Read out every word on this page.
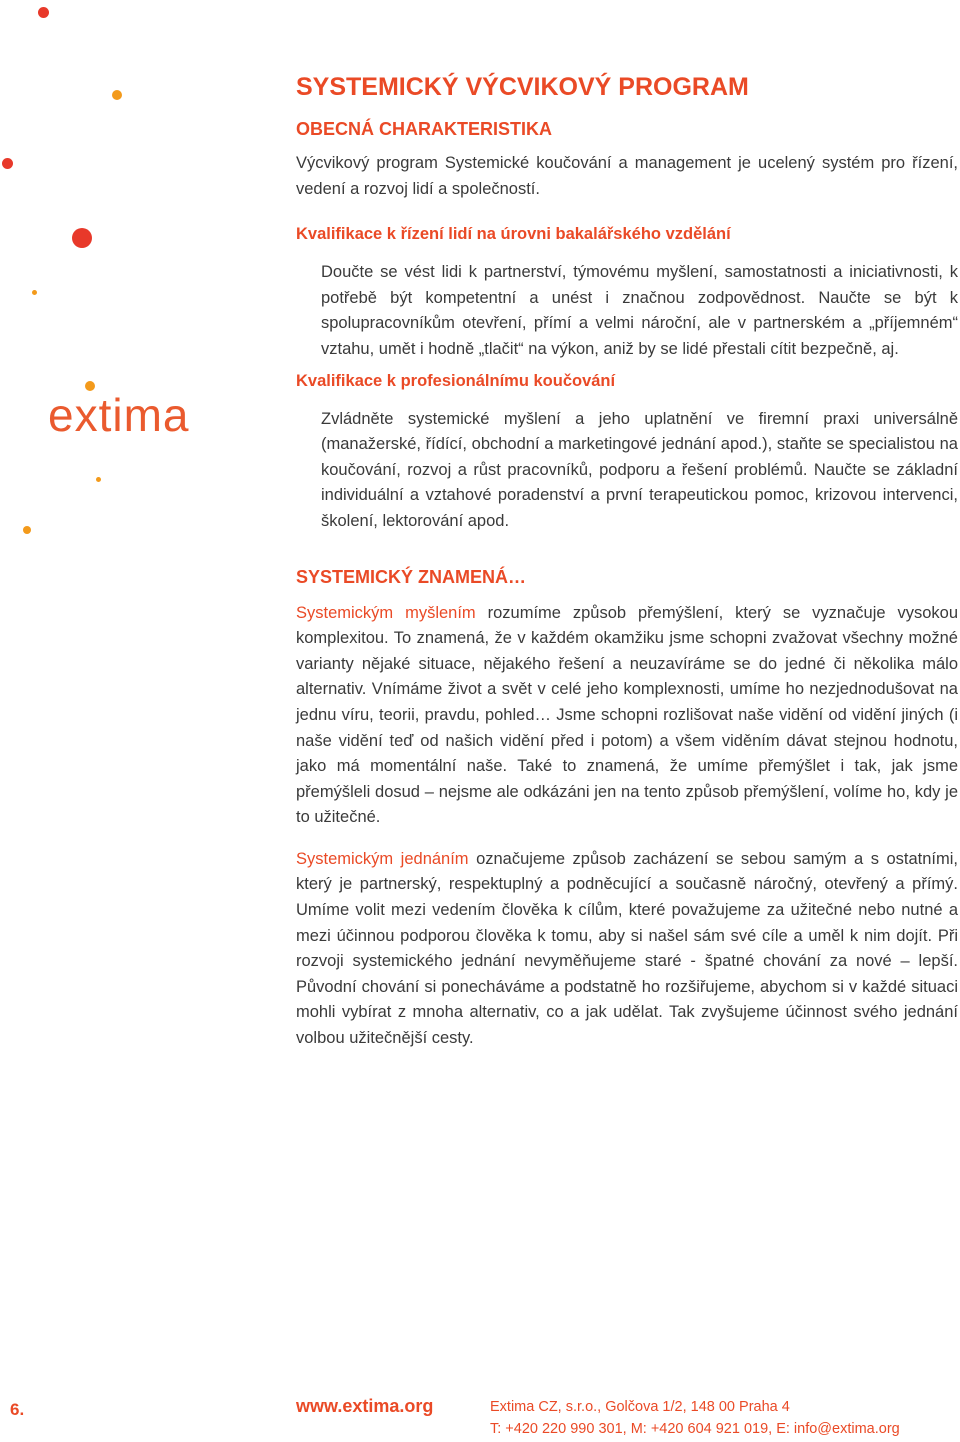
extima
SYSTEMICKÝ VÝCVIKOVÝ PROGRAM
OBECNÁ CHARAKTERISTIKA

Výcvikový program Systemické koučování a management je ucelený systém pro řízení, vedení a rozvoj lidí a společností.

Kvalifikace k řízení lidí na úrovni bakalářského vzdělání

Doučte se vést lidi k partnerství, týmovému myšlení, samostatnosti a iniciativnosti, k potřebě být kompetentní a unést i značnou zodpovědnost. Naučte se být k spolupracovníkům otevření, přímí a velmi nároční, ale v partnerském a „příjemném“ vztahu, umět i hodně „tlačit“ na výkon, aniž by se lidé přestali cítit bezpečně, aj.

Kvalifikace k profesionálnímu koučování

Zvládněte systemické myšlení a jeho uplatnění ve firemní praxi universálně (manažerské, řídící, obchodní a marketingové jednání apod.), staňte se specialistou na koučování, rozvoj a růst pracovníků, podporu a řešení problémů. Naučte se základní individuální a vztahové poradenství a první terapeutickou pomoc, krizovou intervenci, školení, lektorování apod.

SYSTEMICKÝ ZNAMENÁ…

Systemickým myšlením rozumíme způsob přemýšlení, který se vyznačuje vysokou komplexitou. To znamená, že v každém okamžiku jsme schopni zvažovat všechny možné varianty nějaké situace, nějakého řešení a neuzavíráme se do jedné či několika málo alternativ. Vnímáme život a svět v celé jeho komplexnosti, umíme ho nezjednodušovat na jednu víru, teorii, pravdu, pohled… Jsme schopni rozlišovat naše vidění od vidění jiných (i naše vidění teď od našich vidění před i potom) a všem viděním dávat stejnou hodnotu, jako má momentální naše. Také to znamená, že umíme přemýšlet i tak, jak jsme přemýšleli dosud – nejsme ale odkázáni jen na tento způsob přemýšlení, volíme ho, kdy je to užitečné.

Systemickým jednáním označujeme způsob zacházení se sebou samým a s ostatními, který je partnerský, respektuplný a podněcující a současně náročný, otevřený a přímý. Umíme volit mezi vedením člověka k cílům, které považujeme za užitečné nebo nutné a mezi účinnou podporou člověka k tomu, aby si našel sám své cíle a uměl k nim dojít. Při rozvoji systemického jednání nevyměňujeme staré - špatné chování za nové – lepší. Původní chování si ponecháváme a podstatně ho rozšiřujeme, abychom si v každé situaci mohli vybírat z mnoha alternativ, co a jak udělat. Tak zvyšujeme účinnost svého jednání volbou užitečnější cesty.

6.	www.extima.org	Extima CZ, s.r.o., Golčova 1/2, 148 00 Praha 4
T: +420 220 990 301, M: +420 604 921 019, E: info@extima.org
